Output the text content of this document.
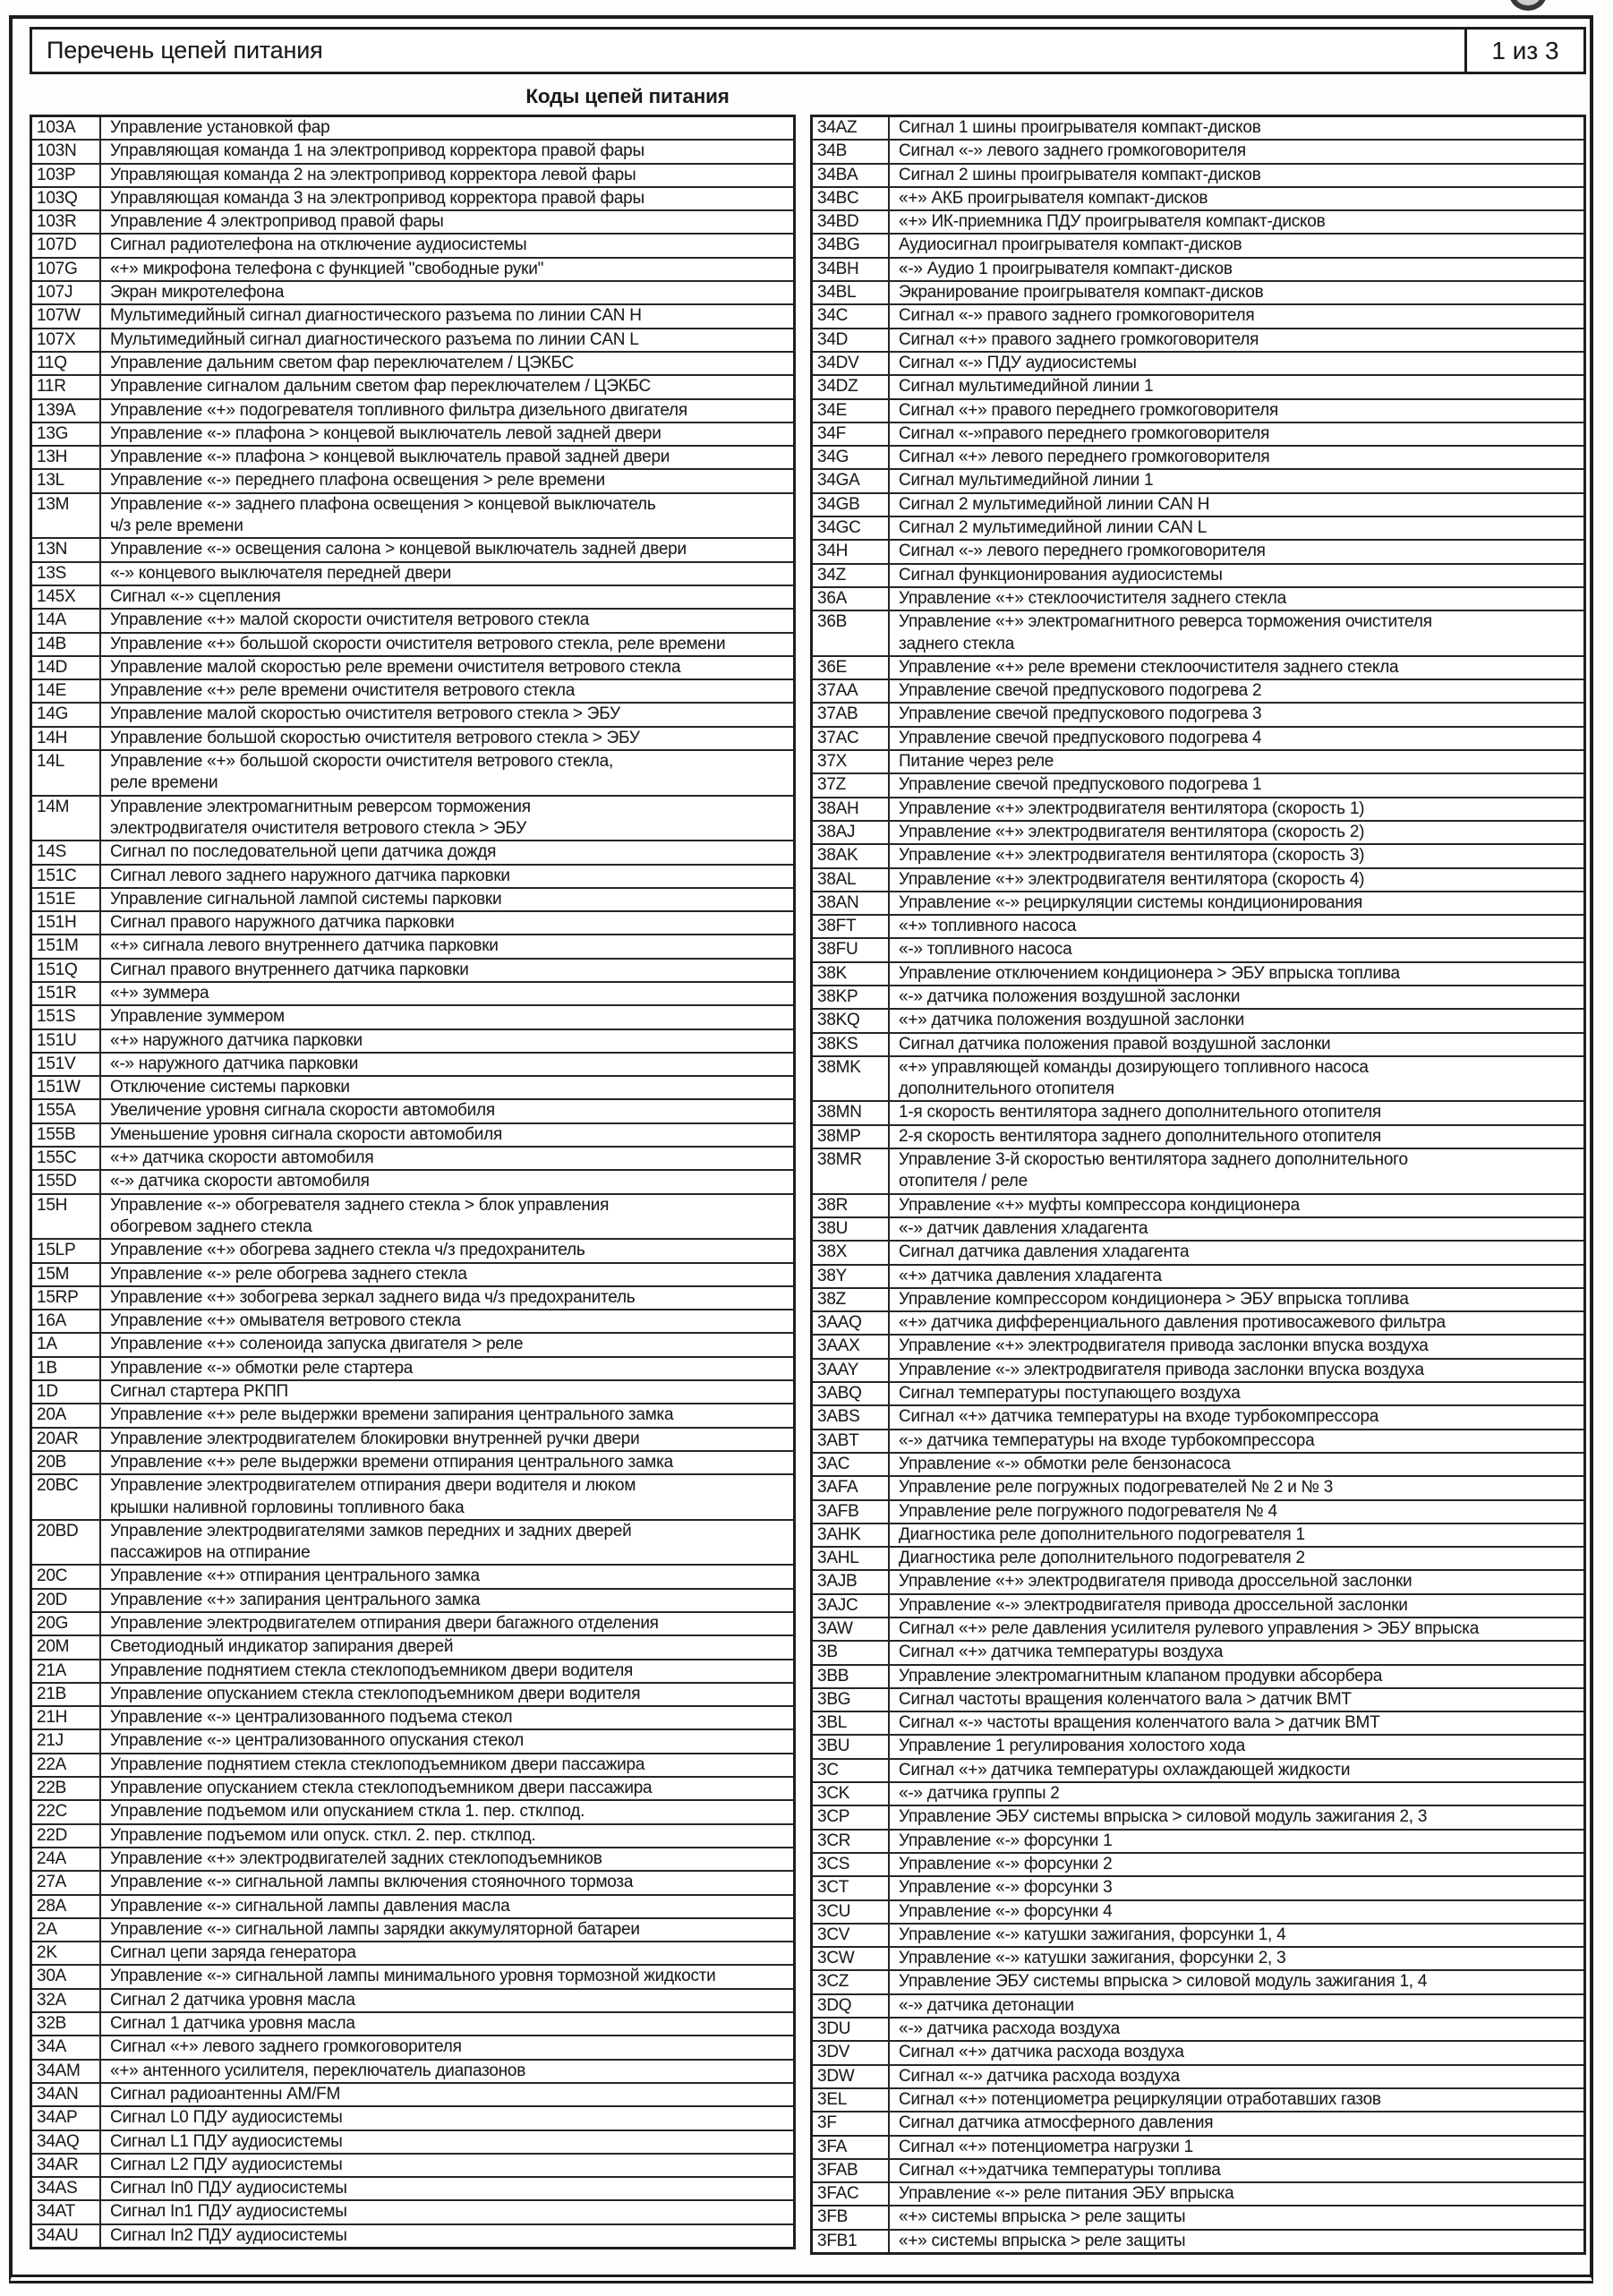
Перечень цепей питания	1 из 3
Коды цепей питания
103A	Управление установкой фар
103N	Управляющая команда 1 на электропривод корректора правой фары
103P	Управляющая команда 2 на электропривод корректора левой фары
103Q	Управляющая команда 3 на электропривод корректора правой фары
103R	Управление 4 электропривод правой фары
107D	Сигнал радиотелефона на отключение аудиосистемы
107G	«+» микрофона телефона с функцией "свободные руки"
107J	Экран микротелефона
107W	Мультимедийный сигнал диагностического разъема по линии CAN H
107X	Мультимедийный сигнал диагностического разъема по линии CAN L
11Q	Управление дальним светом фар переключателем / ЦЭКБС
11R	Управление сигналом дальним светом фар переключателем / ЦЭКБС
139A	Управление «+» подогревателя топливного фильтра дизельного двигателя
13G	Управление «-» плафона > концевой выключатель левой задней двери
13H	Управление «-» плафона > концевой выключатель правой задней двери
13L	Управление «-» переднего плафона освещения > реле времени
13M	Управление «-» заднего плафона освещения > концевой выключатель
ч/з реле времени
13N	Управление «-» освещения салона > концевой выключатель задней двери
13S	«-» концевого выключателя передней двери
145X	Сигнал «-» сцепления
14A	Управление «+» малой скорости очистителя ветрового стекла
14B	Управление «+» большой скорости очистителя ветрового стекла, реле времени
14D	Управление малой скоростью реле времени очистителя ветрового стекла
14E	Управление «+» реле времени очистителя ветрового стекла
14G	Управление малой скоростью очистителя ветрового стекла > ЭБУ
14H	Управление большой скоростью очистителя ветрового стекла > ЭБУ
14L	Управление «+» большой скорости очистителя ветрового стекла,
реле времени
14M	Управление электромагнитным реверсом торможения
электродвигателя очистителя ветрового стекла > ЭБУ
14S	Сигнал по последовательной цепи датчика дождя
151C	Сигнал левого заднего наружного датчика парковки
151E	Управление сигнальной лампой системы парковки
151H	Сигнал правого наружного датчика парковки
151M	«+» сигнала левого внутреннего датчика парковки
151Q	Сигнал правого внутреннего датчика парковки
151R	«+» зуммера
151S	Управление зуммером
151U	«+» наружного датчика парковки
151V	«-» наружного датчика парковки
151W	Отключение системы парковки
155A	Увеличение уровня сигнала скорости автомобиля
155B	Уменьшение уровня сигнала скорости автомобиля
155C	«+» датчика скорости автомобиля
155D	«-» датчика скорости автомобиля
15H	Управление «-» обогревателя заднего стекла > блок управления
обогревом заднего стекла
15LP	Управление «+» обогрева заднего стекла ч/з предохранитель
15M	Управление «-» реле обогрева заднего стекла
15RP	Управление «+» зобогрева зеркал заднего вида ч/з предохранитель
16A	Управление «+» омывателя ветрового стекла
1A	Управление «+» соленоида запуска двигателя > реле
1B	Управление «-» обмотки реле стартера
1D	Сигнал стартера РКПП
20A	Управление «+» реле выдержки времени запирания центрального замка
20AR	Управление электродвигателем блокировки внутренней ручки двери
20B	Управление «+» реле выдержки времени отпирания центрального замка
20BC	Управление электродвигателем отпирания двери водителя и люком
крышки наливной горловины топливного бака
20BD	Управление электродвигателями замков передних и задних дверей
пассажиров на отпирание
20C	Управление «+» отпирания центрального замка
20D	Управление «+» запирания центрального замка
20G	Управление электродвигателем отпирания двери багажного отделения
20M	Светодиодный индикатор запирания дверей
21A	Управление поднятием стекла стеклоподъемником двери водителя
21B	Управление опусканием стекла стеклоподъемником двери водителя
21H	Управление «-» централизованного подъема стекол
21J	Управление «-» централизованного опускания стекол
22A	Управление поднятием стекла стеклоподъемником двери пассажира
22B	Управление опусканием стекла стеклоподъемником двери пассажира
22C	Управление подъемом или опусканием сткла 1. пер. стклпод.
22D	Управление подъемом или опуск. сткл. 2. пер. стклпод.
24A	Управление «+» электродвигателей задних стеклоподъемников
27A	Управление «-» сигнальной лампы включения стояночного тормоза
28A	Управление «-» сигнальной лампы давления масла
2A	Управление «-» сигнальной лампы зарядки аккумуляторной батареи
2K	Сигнал цепи заряда генератора
30A	Управление «-» сигнальной лампы минимального уровня тормозной жидкости
32A	Сигнал 2 датчика уровня масла
32B	Сигнал 1 датчика уровня масла
34A	Сигнал «+» левого заднего громкоговорителя
34AM	«+» антенного усилителя, переключатель диапазонов
34AN	Сигнал радиоантенны AM/FM
34AP	Сигнал L0 ПДУ аудиосистемы
34AQ	Сигнал L1 ПДУ аудиосистемы
34AR	Сигнал L2 ПДУ аудиосистемы
34AS	Сигнал In0 ПДУ аудиосистемы
34AT	Сигнал In1 ПДУ аудиосистемы
34AU	Сигнал In2 ПДУ аудиосистемы
34AZ	Сигнал 1 шины проигрывателя компакт-дисков
34B	Сигнал «-» левого заднего громкоговорителя
34BA	Сигнал 2 шины проигрывателя компакт-дисков
34BC	«+» АКБ проигрывателя компакт-дисков
34BD	«+» ИК-приемника ПДУ проигрывателя компакт-дисков
34BG	Аудиосигнал проигрывателя компакт-дисков
34BH	«-» Аудио 1 проигрывателя компакт-дисков
34BL	Экранирование проигрывателя компакт-дисков
34C	Сигнал «-» правого заднего громкоговорителя
34D	Сигнал «+» правого заднего громкоговорителя
34DV	Сигнал «-» ПДУ аудиосистемы
34DZ	Сигнал мультимедийной линии 1
34E	Сигнал «+» правого переднего громкоговорителя
34F	Сигнал «-»правого переднего громкоговорителя
34G	Сигнал «+» левого переднего громкоговорителя
34GA	Сигнал мультимедийной линии 1
34GB	Сигнал 2 мультимедийной линии CAN H
34GC	Сигнал 2 мультимедийной линии CAN L
34H	Сигнал «-» левого переднего громкоговорителя
34Z	Сигнал функционирования аудиосистемы
36A	Управление «+» стеклоочистителя заднего стекла
36B	Управление «+» электромагнитного реверса торможения очистителя
заднего стекла
36E	Управление «+» реле времени стеклоочистителя заднего стекла
37AA	Управление свечой предпускового подогрева 2
37AB	Управление свечой предпускового подогрева 3
37AC	Управление свечой предпускового подогрева 4
37X	Питание через реле
37Z	Управление свечой предпускового подогрева 1
38AH	Управление «+» электродвигателя вентилятора (скорость 1)
38AJ	Управление «+» электродвигателя вентилятора (скорость 2)
38AK	Управление «+» электродвигателя вентилятора (скорость 3)
38AL	Управление «+» электродвигателя вентилятора (скорость 4)
38AN	Управление «-» рециркуляции системы кондиционирования
38FT	«+» топливного насоса
38FU	«-» топливного насоса
38K	Управление отключением кондиционера > ЭБУ впрыска топлива
38KP	«-» датчика положения воздушной заслонки
38KQ	«+» датчика положения воздушной заслонки
38KS	Сигнал датчика положения правой воздушной заслонки
38MK	«+» управляющей команды дозирующего топливного насоса
дополнительного отопителя
38MN	1-я скорость вентилятора заднего дополнительного отопителя
38MP	2-я скорость вентилятора заднего дополнительного отопителя
38MR	Управление 3-й скоростью вентилятора заднего дополнительного
отопителя / реле
38R	Управление «+» муфты компрессора кондиционера
38U	«-» датчик давления хладагента
38X	Сигнал датчика давления хладагента
38Y	«+» датчика давления хладагента
38Z	Управление компрессором кондиционера > ЭБУ впрыска топлива
3AAQ	«+» датчика дифференциального давления противосажевого фильтра
3AAX	Управление «+» электродвигателя привода заслонки впуска воздуха
3AAY	Управление «-» электродвигателя привода заслонки впуска воздуха
3ABQ	Сигнал температуры поступающего воздуха
3ABS	Сигнал «+» датчика температуры на входе турбокомпрессора
3ABT	«-» датчика температуры на входе турбокомпрессора
3AC	Управление «-» обмотки реле бензонасоса
3AFA	Управление реле погружных подогревателей № 2 и № 3
3AFB	Управление реле погружного подогревателя № 4
3AHK	Диагностика реле дополнительного подогревателя 1
3AHL	Диагностика реле дополнительного подогревателя 2
3AJB	Управление «+» электродвигателя привода дроссельной заслонки
3AJC	Управление «-» электродвигателя привода дроссельной заслонки
3AW	Сигнал «+» реле давления усилителя рулевого управления > ЭБУ впрыска
3B	Сигнал «+» датчика температуры воздуха
3BB	Управление электромагнитным клапаном продувки абсорбера
3BG	Сигнал частоты вращения коленчатого вала > датчик ВМТ
3BL	Сигнал «-» частоты вращения коленчатого вала > датчик ВМТ
3BU	Управление 1 регулирования холостого хода
3C	Сигнал «+» датчика температуры охлаждающей жидкости
3CK	«-» датчика группы 2
3CP	Управление ЭБУ системы впрыска > силовой модуль зажигания 2, 3
3CR	Управление «-» форсунки 1
3CS	Управление «-» форсунки 2
3CT	Управление «-» форсунки 3
3CU	Управление «-» форсунки 4
3CV	Управление «-» катушки зажигания, форсунки 1, 4
3CW	Управление «-» катушки зажигания, форсунки 2, 3
3CZ	Управление ЭБУ системы впрыска > силовой модуль зажигания 1, 4
3DQ	«-» датчика детонации
3DU	«-» датчика расхода воздуха
3DV	Сигнал «+» датчика расхода воздуха
3DW	Сигнал «-» датчика расхода воздуха
3EL	Сигнал «+» потенциометра рециркуляции отработавших газов
3F	Сигнал датчика атмосферного давления
3FA	Сигнал «+» потенциометра нагрузки 1
3FAB	Сигнал «+»датчика температуры топлива
3FAC	Управление «-» реле питания ЭБУ впрыска
3FB	«+» системы впрыска > реле защиты
3FB1	«+» системы впрыска > реле защиты
